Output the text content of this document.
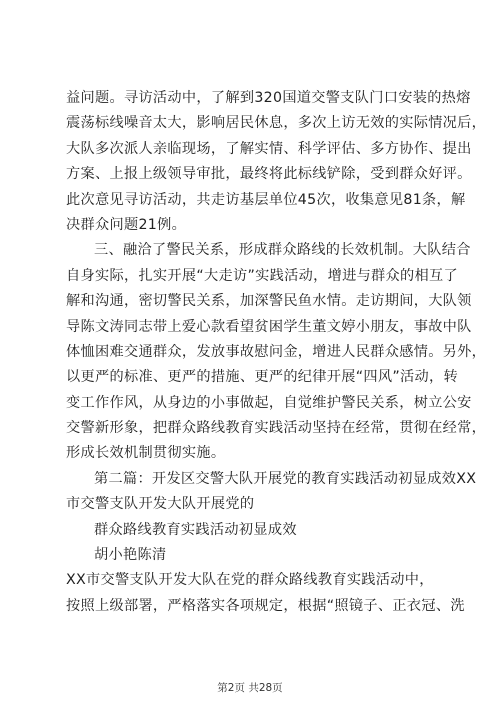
益问题。寻访活动中，了解到320国道交警支队门口安装的热熔
震荡标线噪音太大，影响居民休息，多次上访无效的实际情况后，
大队多次派人亲临现场，了解实情、科学评估、多方协作、提出
方案、上报上级领导审批，最终将此标线铲除，受到群众好评。
此次意见寻访活动，共走访基层单位45次，收集意见81条，解
决群众问题21例。
三、融洽了警民关系，形成群众路线的长效机制。大队结合
自身实际，扎实开展“大走访”实践活动，增进与群众的相互了
解和沟通，密切警民关系，加深警民鱼水情。走访期间，大队领
导陈文涛同志带上爱心款看望贫困学生董文婷小朋友，事故中队
体恤困难交通群众，发放事故慰问金，增进人民群众感情。另外，
以更严的标准、更严的措施、更严的纪律开展“四风”活动，转
变工作作风，从身边的小事做起，自觉维护警民关系，树立公安
交警新形象，把群众路线教育实践活动坚持在经常，贯彻在经常，
形成长效机制贯彻实施。
第二篇：开发区交警大队开展党的教育实践活动初显成效XX
市交警支队开发大队开展党的
群众路线教育实践活动初显成效
胡小艳陈清
XX市交警支队开发大队在党的群众路线教育实践活动中，
按照上级部署，严格落实各项规定，根据“照镜子、正衣冠、洗
第2页 共28页
